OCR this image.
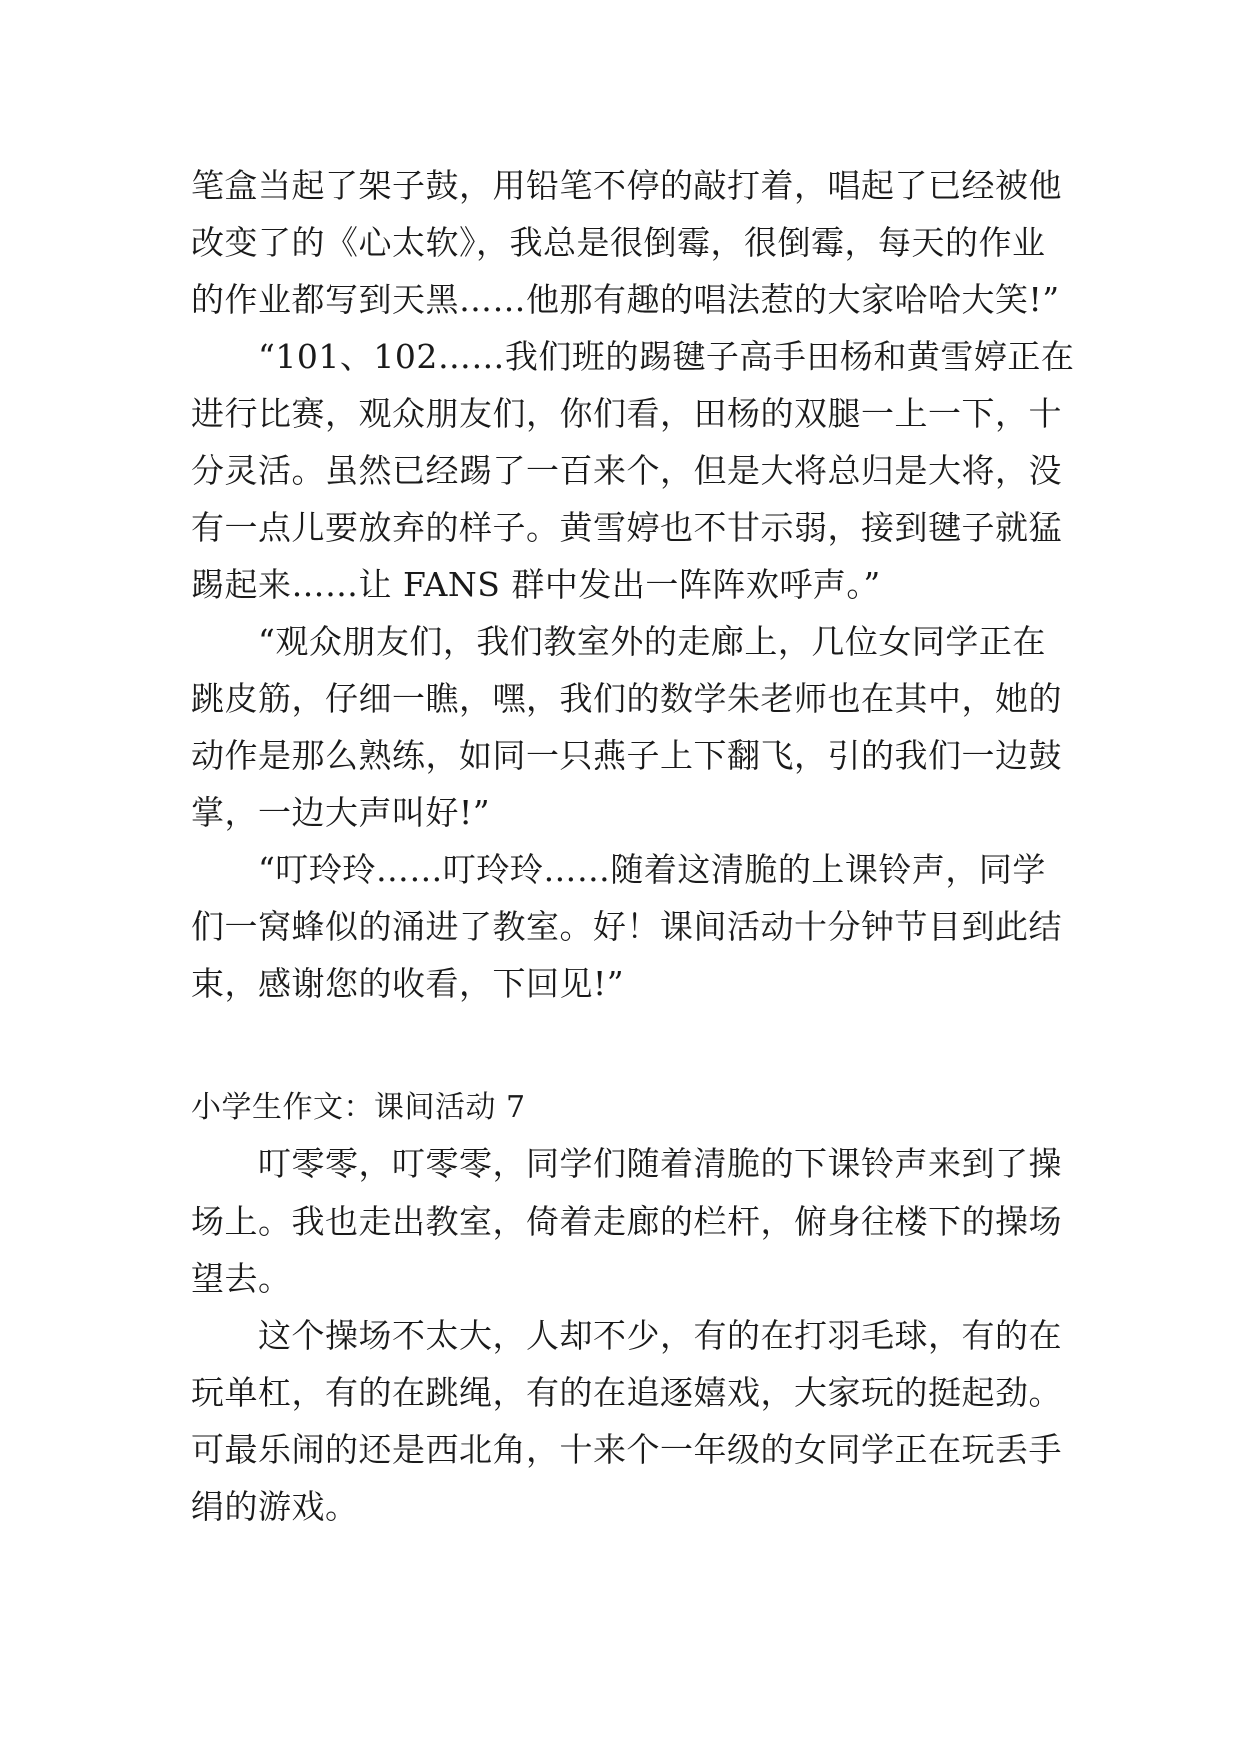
笔盒当起了架子鼓，用铅笔不停的敲打着，唱起了已经被他
改变了的《心太软》，我总是很倒霉，很倒霉，每天的作业
的作业都写到天黑……他那有趣的唱法惹的大家哈哈大笑!”
　　“101、102……我们班的踢毽子高手田杨和黄雪婷正在
进行比赛，观众朋友们，你们看，田杨的双腿一上一下，十
分灵活。虽然已经踢了一百来个，但是大将总归是大将，没
有一点儿要放弃的样子。黄雪婷也不甘示弱，接到毽子就猛
踢起来……让 FANS 群中发出一阵阵欢呼声。”
　　“观众朋友们，我们教室外的走廊上，几位女同学正在
跳皮筋，仔细一瞧，嘿，我们的数学朱老师也在其中，她的
动作是那么熟练，如同一只燕子上下翻飞，引的我们一边鼓
掌，一边大声叫好!”
　　“叮玲玲……叮玲玲……随着这清脆的上课铃声，同学
们一窝蜂似的涌进了教室。好！课间活动十分钟节目到此结
束，感谢您的收看，下回见!”
小学生作文：课间活动 7
　　叮零零，叮零零，同学们随着清脆的下课铃声来到了操
场上。我也走出教室，倚着走廊的栏杆，俯身往楼下的操场
望去。
　　这个操场不太大，人却不少，有的在打羽毛球，有的在
玩单杠，有的在跳绳，有的在追逐嬉戏，大家玩的挺起劲。
可最乐闹的还是西北角，十来个一年级的女同学正在玩丢手
绢的游戏。
